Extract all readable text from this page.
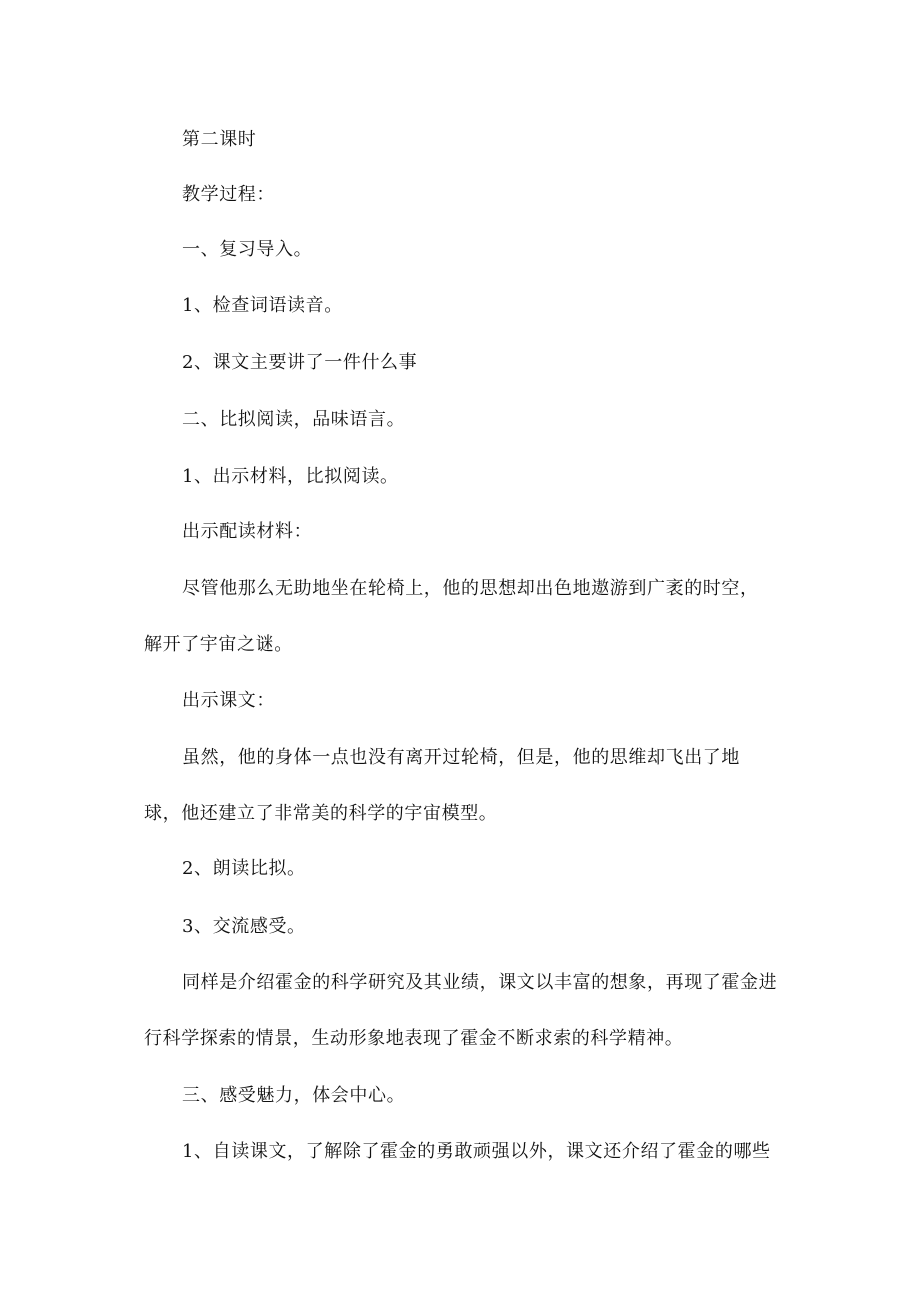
第二课时
教学过程：
一、复习导入。
1、检查词语读音。
2、课文主要讲了一件什么事
二、比拟阅读，品味语言。
1、出示材料，比拟阅读。
出示配读材料：
尽管他那么无助地坐在轮椅上，他的思想却出色地遨游到广袤的时空，
解开了宇宙之谜。
出示课文：
虽然，他的身体一点也没有离开过轮椅，但是，他的思维却飞出了地
球，他还建立了非常美的科学的宇宙模型。
2、朗读比拟。
3、交流感受。
同样是介绍霍金的科学研究及其业绩，课文以丰富的想象，再现了霍金进
行科学探索的情景，生动形象地表现了霍金不断求索的科学精神。
三、感受魅力，体会中心。
1、自读课文，了解除了霍金的勇敢顽强以外，课文还介绍了霍金的哪些
